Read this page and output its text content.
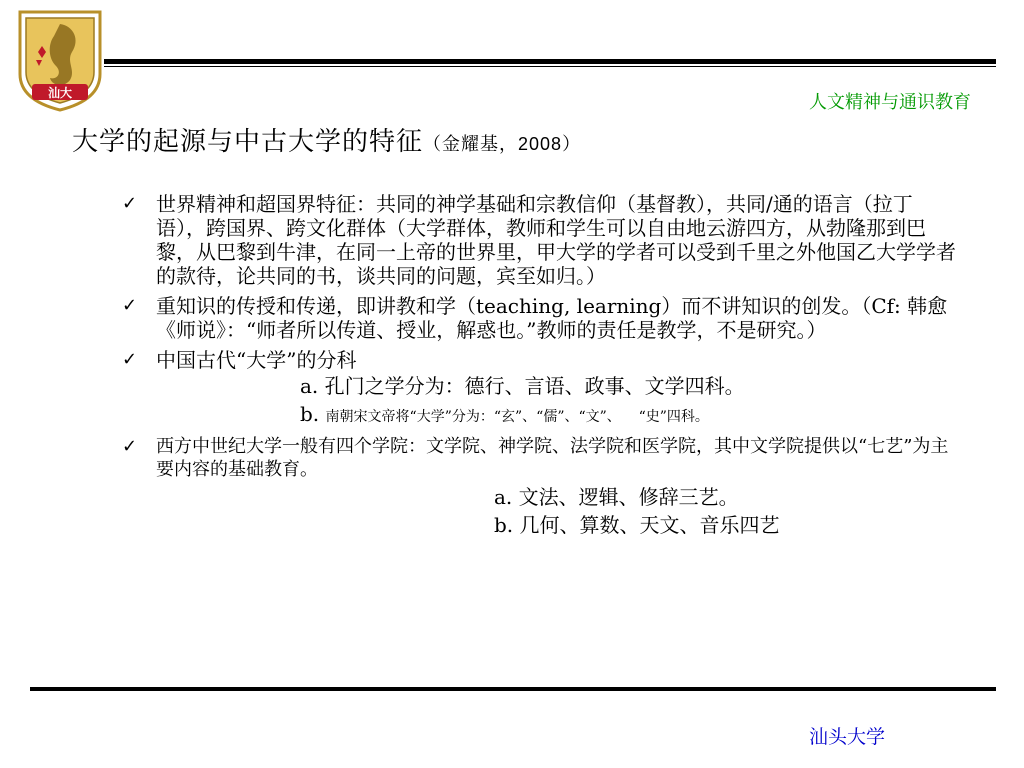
汕大	人文精神与通识教育
大学的起源与中古大学的特征（金耀基，2008）
✓ 世界精神和超国界特征：共同的神学基础和宗教信仰（基督教），共同/通的语言（拉丁语），跨国界、跨文化群体（大学群体，教师和学生可以自由地云游四方，从勃隆那到巴黎，从巴黎到牛津，在同一上帝的世界里，甲大学的学者可以受到千里之外他国乙大学学者的款待，论共同的书，谈共同的问题，宾至如归。）
✓ 重知识的传授和传递，即讲教和学（teaching, learning）而不讲知识的创发。（Cf: 韩愈《师说》：“师者所以传道、授业，解惑也。”教师的责任是教学，不是研究。）
✓ 中国古代“大学”的分科
a. 孔门之学分为：德行、言语、政事、文学四科。
b. 南朝宋文帝将“大学”分为：“玄”、“儒”、“文”、    “史”四科。
✓ 西方中世纪大学一般有四个学院：文学院、神学院、法学院和医学院，其中文学院提供以“七艺”为主要内容的基础教育。
a. 文法、逻辑、修辞三艺。
b. 几何、算数、天文、音乐四艺
汕头大学
